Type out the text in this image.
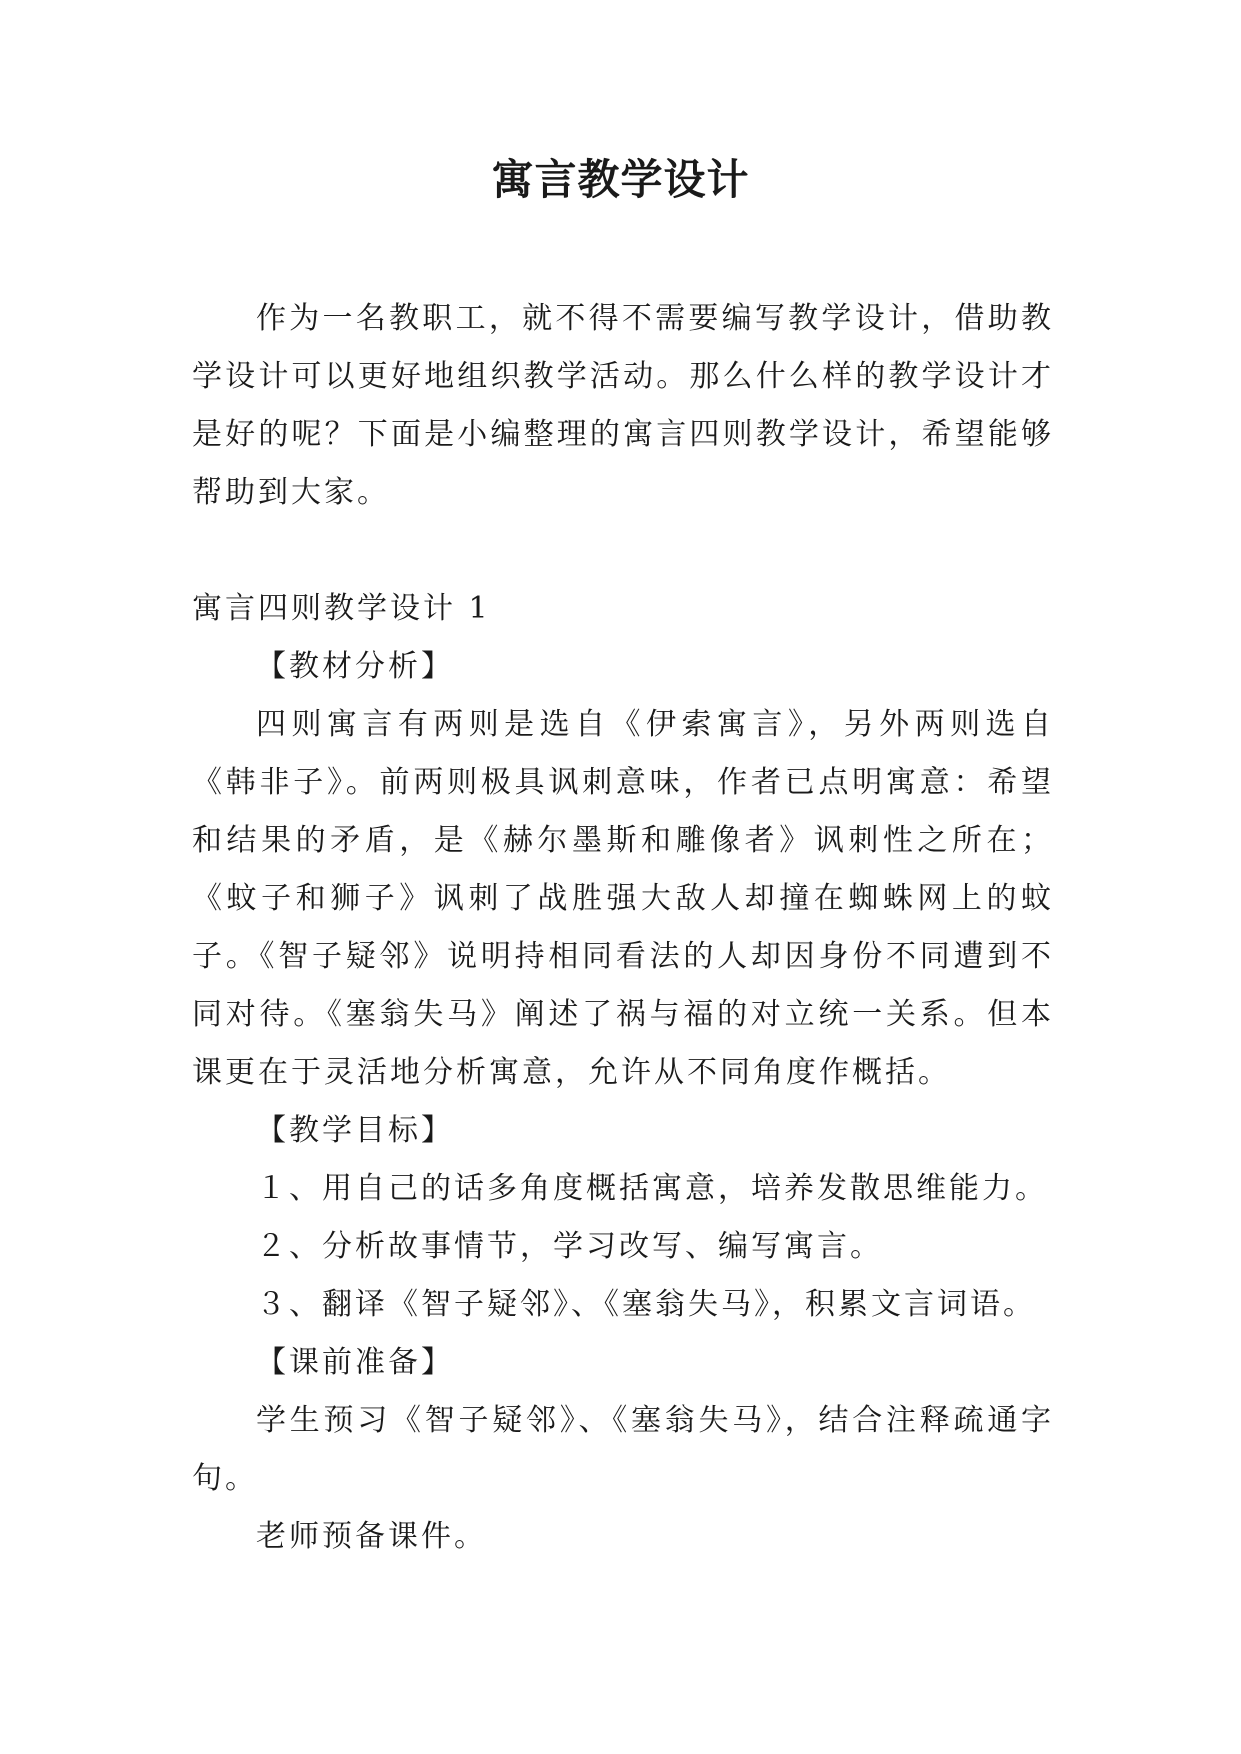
寓言教学设计

作为一名教职工，就不得不需要编写教学设计，借助教学设计可以更好地组织教学活动。那么什么样的教学设计才是好的呢？下面是小编整理的寓言四则教学设计，希望能够帮助到大家。

寓言四则教学设计 1

【教材分析】

四则寓言有两则是选自《伊索寓言》，另外两则选自《韩非子》。前两则极具讽刺意味，作者已点明寓意：希望和结果的矛盾，是《赫尔墨斯和雕像者》讽刺性之所在；《蚊子和狮子》讽刺了战胜强大敌人却撞在蜘蛛网上的蚊子。《智子疑邻》说明持相同看法的人却因身份不同遭到不同对待。《塞翁失马》阐述了祸与福的对立统一关系。但本课更在于灵活地分析寓意，允许从不同角度作概括。

【教学目标】

１、用自己的话多角度概括寓意，培养发散思维能力。

２、分析故事情节，学习改写、编写寓言。

３、翻译《智子疑邻》、《塞翁失马》，积累文言词语。

【课前准备】

学生预习《智子疑邻》、《塞翁失马》，结合注释疏通字句。

老师预备课件。
